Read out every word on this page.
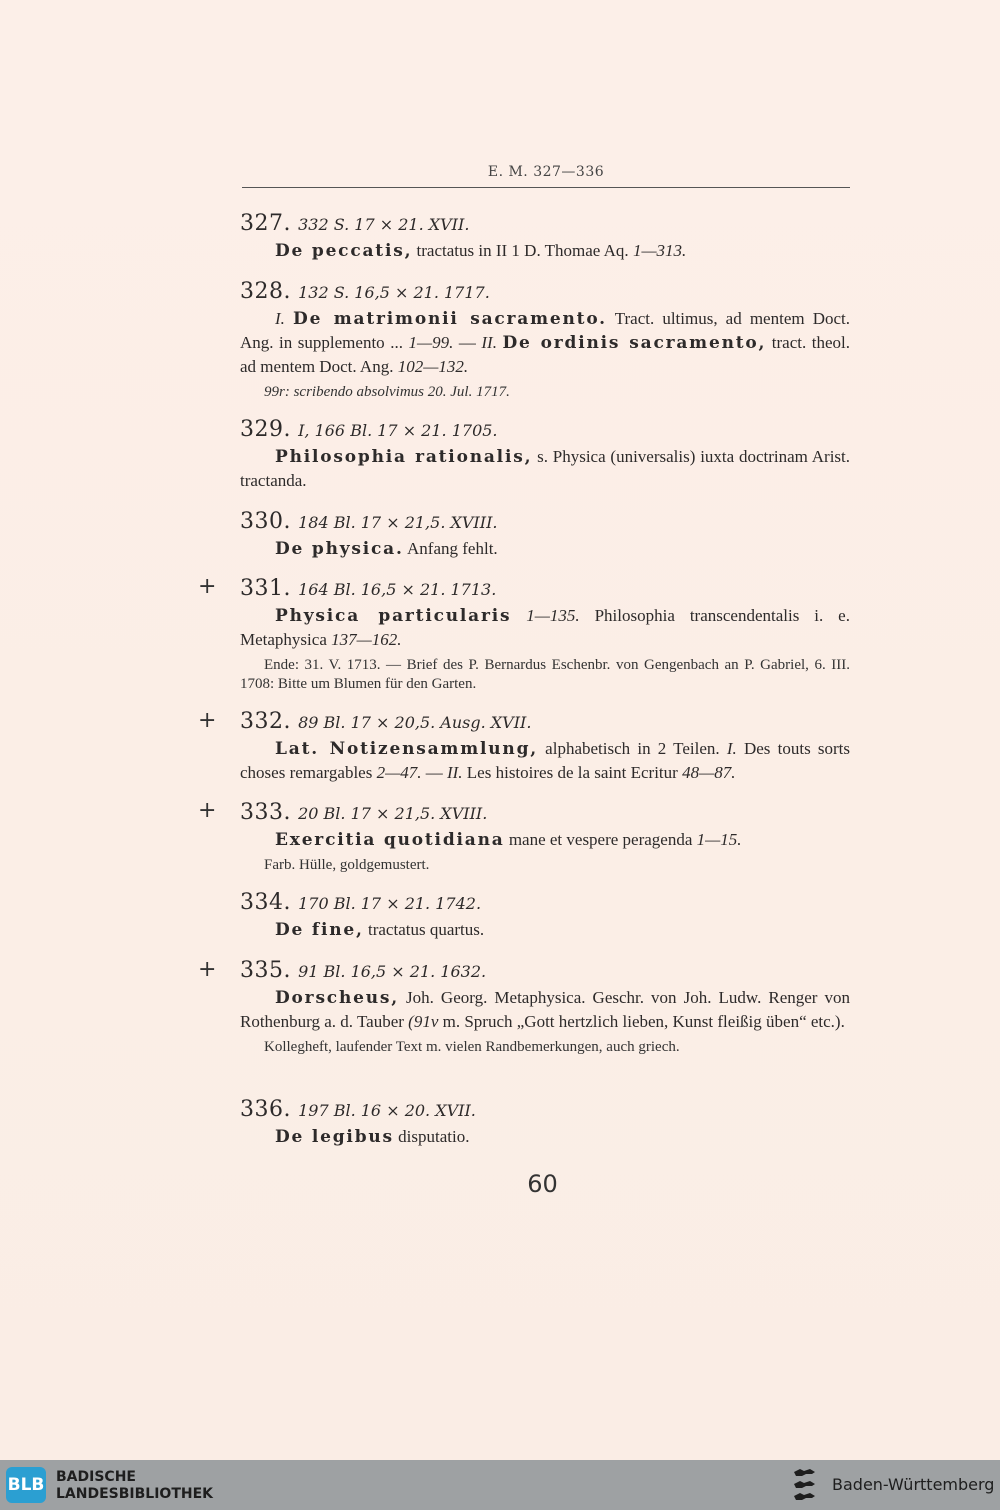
E. M. 327—336
327. 332 S. 17 × 21. XVII.
De peccatis, tractatus in II 1 D. Thomae Aq. 1—313.
328. 132 S. 16,5 × 21. 1717.
I. De matrimonii sacramento. Tract. ultimus, ad mentem Doct. Ang. in supplemento ... 1—99. — II. De ordinis sacramento, tract. theol. ad mentem Doct. Ang. 102—132.
99r: scribendo absolvimus 20. Jul. 1717.
329. I, 166 Bl. 17 × 21. 1705.
Philosophia rationalis, s. Physica (universalis) iuxta doctrinam Arist. tractanda.
330. 184 Bl. 17 × 21,5. XVIII.
De physica. Anfang fehlt.
+ 331. 164 Bl. 16,5 × 21. 1713.
Physica particularis 1—135. Philosophia transcendentalis i. e. Metaphysica 137—162.
Ende: 31. V. 1713. — Brief des P. Bernardus Eschenbr. von Gengenbach an P. Gabriel, 6. III. 1708: Bitte um Blumen für den Garten.
+ 332. 89 Bl. 17 × 20,5. Ausg. XVII.
Lat. Notizensammlung, alphabetisch in 2 Teilen. I. Des touts sorts choses remargables 2—47. — II. Les histoires de la saint Ecritur 48—87.
+ 333. 20 Bl. 17 × 21,5. XVIII.
Exercitia quotidiana mane et vespere peragenda 1—15.
Farb. Hülle, goldgemustert.
334. 170 Bl. 17 × 21. 1742.
De fine, tractatus quartus.
+ 335. 91 Bl. 16,5 × 21. 1632.
Dorscheus, Joh. Georg. Metaphysica. Geschr. von Joh. Ludw. Renger von Rothenburg a. d. Tauber (91v m. Spruch „Gott hertzlich lieben, Kunst fleißig üben“ etc.).
Kollegheft, laufender Text m. vielen Randbemerkungen, auch griech.
336. 197 Bl. 16 × 20. XVII.
De legibus disputatio.
60
BLB BADISCHE
LANDESBIBLIOTHEK	Baden-Württemberg
